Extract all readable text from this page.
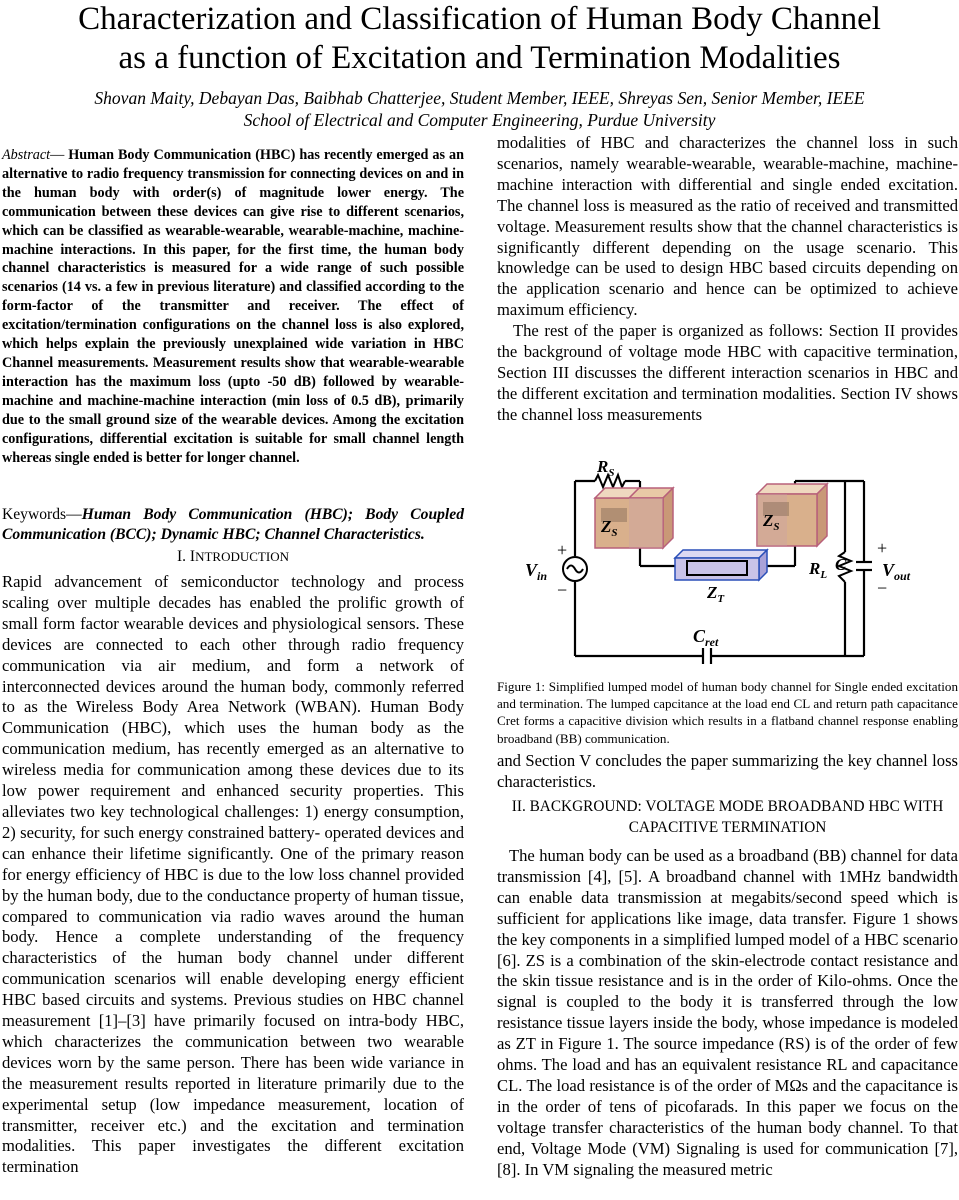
Characterization and Classification of Human Body Channel
as a function of Excitation and Termination Modalities
Shovan Maity, Debayan Das, Baibhab Chatterjee, Student Member, IEEE, Shreyas Sen, Senior Member, IEEE
School of Electrical and Computer Engineering, Purdue University

Abstract— Human Body Communication (HBC) has recently emerged as an alternative to radio frequency transmission for connecting devices on and in the human body with order(s) of magnitude lower energy. The communication between these devices can give rise to different scenarios, which can be classified as wearable-wearable, wearable-machine, machine-machine interactions. In this paper, for the first time, the human body channel characteristics is measured for a wide range of such possible scenarios (14 vs. a few in previous literature) and classified according to the form-factor of the transmitter and receiver. The effect of excitation/termination configurations on the channel loss is also explored, which helps explain the previously unexplained wide variation in HBC Channel measurements. Measurement results show that wearable-wearable interaction has the maximum loss (upto -50 dB) followed by wearable-machine and machine-machine interaction (min loss of 0.5 dB), primarily due to the small ground size of the wearable devices. Among the excitation configurations, differential excitation is suitable for small channel length whereas single ended is better for longer channel.

Keywords—Human Body Communication (HBC); Body Coupled Communication (BCC); Dynamic HBC; Channel Characteristics.

I. INTRODUCTION

Rapid advancement of semiconductor technology and process scaling over multiple decades has enabled the prolific growth of small form factor wearable devices and physiological sensors. These devices are connected to each other through radio frequency communication via air medium, and form a network of interconnected devices around the human body, commonly referred to as the Wireless Body Area Network (WBAN). Human Body Communication (HBC), which uses the human body as the communication medium, has recently emerged as an alternative to wireless media for communication among these devices due to its low power requirement and enhanced security properties. This alleviates two key technological challenges: 1) energy consumption, 2) security, for such energy constrained battery- operated devices and can enhance their lifetime significantly. One of the primary reason for energy efficiency of HBC is due to the low loss channel provided by the human body, due to the conductance property of human tissue, compared to communication via radio waves around the human body. Hence a complete understanding of the frequency characteristics of the human body channel under different communication scenarios will enable developing energy efficient HBC based circuits and systems. Previous studies on HBC channel measurement [1]–[3] have primarily focused on intra-body HBC, which characterizes the communication between two wearable devices worn by the same person. There has been wide variance in the measurement results reported in literature primarily due to the experimental setup (low impedance measurement, location of transmitter, receiver etc.) and the excitation and termination modalities. This paper investigates the different excitation termination

modalities of HBC and characterizes the channel loss in such scenarios, namely wearable-wearable, wearable-machine, machine-machine interaction with differential and single ended excitation. The channel loss is measured as the ratio of received and transmitted voltage. Measurement results show that the channel characteristics is significantly different depending on the usage scenario. This knowledge can be used to design HBC based circuits depending on the application scenario and hence can be optimized to achieve maximum efficiency.

The rest of the paper is organized as follows: Section II provides the background of voltage mode HBC with capacitive termination, Section III discusses the different interaction scenarios in HBC and the different excitation and termination modalities. Section IV shows the channel loss measurements

$R_S$
$Z_S$
$Z_S$
$V_{in}$
$Z_T$
$R_L$
C $V_{out}$
$C_{ret}$
+
−
+
−

Figure 1: Simplified lumped model of human body channel for Single ended excitation and termination. The lumped capcitance at the load end CL and return path capacitance Cret forms a capacitive division which results in a flatband channel response enabling broadband (BB) communication.

and Section V concludes the paper summarizing the key channel loss characteristics.

II. BACKGROUND: VOLTAGE MODE BROADBAND HBC WITH
CAPACITIVE TERMINATION

The human body can be used as a broadband (BB) channel for data transmission [4], [5]. A broadband channel with 1MHz bandwidth can enable data transmission at megabits/second speed which is sufficient for applications like image, data transfer. Figure 1 shows the key components in a simplified lumped model of a HBC scenario [6]. ZS is a combination of the skin-electrode contact resistance and the skin tissue resistance and is in the order of Kilo-ohms. Once the signal is coupled to the body it is transferred through the low resistance tissue layers inside the body, whose impedance is modeled as ZT in Figure 1. The source impedance (RS) is of the order of few ohms. The load and has an equivalent resistance RL and capacitance CL. The load resistance is of the order of MΩs and the capacitance is in the order of tens of picofarads. In this paper we focus on the voltage transfer characteristics of the human body channel. To that end, Voltage Mode (VM) Signaling is used for communication [7], [8]. In VM signaling the measured metric
